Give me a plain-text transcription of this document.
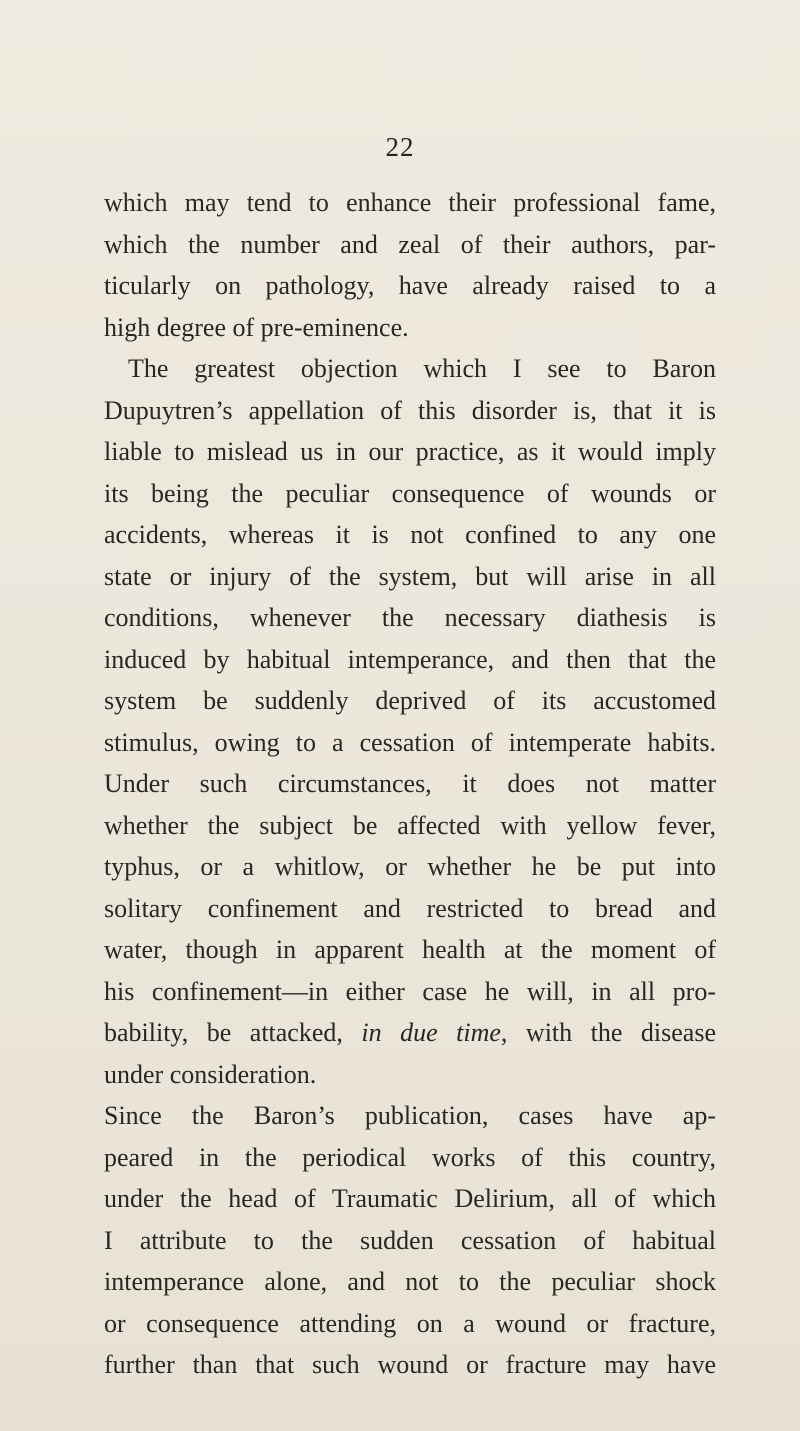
22
which may tend to enhance their professional fame,
which the number and zeal of their authors, par-
ticularly on pathology, have already raised to a
high degree of pre-eminence.
The greatest objection which I see to Baron
Dupuytren’s appellation of this disorder is, that it is
liable to mislead us in our practice, as it would imply
its being the peculiar consequence of wounds or
accidents, whereas it is not confined to any one
state or injury of the system, but will arise in all
conditions, whenever the necessary diathesis is
induced by habitual intemperance, and then that the
system be suddenly deprived of its accustomed
stimulus, owing to a cessation of intemperate habits.
Under such circumstances, it does not matter
whether the subject be affected with yellow fever,
typhus, or a whitlow, or whether he be put into
solitary confinement and restricted to bread and
water, though in apparent health at the moment of
his confinement—in either case he will, in all pro-
bability, be attacked, in due time, with the disease
under consideration.
Since the Baron’s publication, cases have ap-
peared in the periodical works of this country,
under the head of Traumatic Delirium, all of which
I attribute to the sudden cessation of habitual
intemperance alone, and not to the peculiar shock
or consequence attending on a wound or fracture,
further than that such wound or fracture may have
